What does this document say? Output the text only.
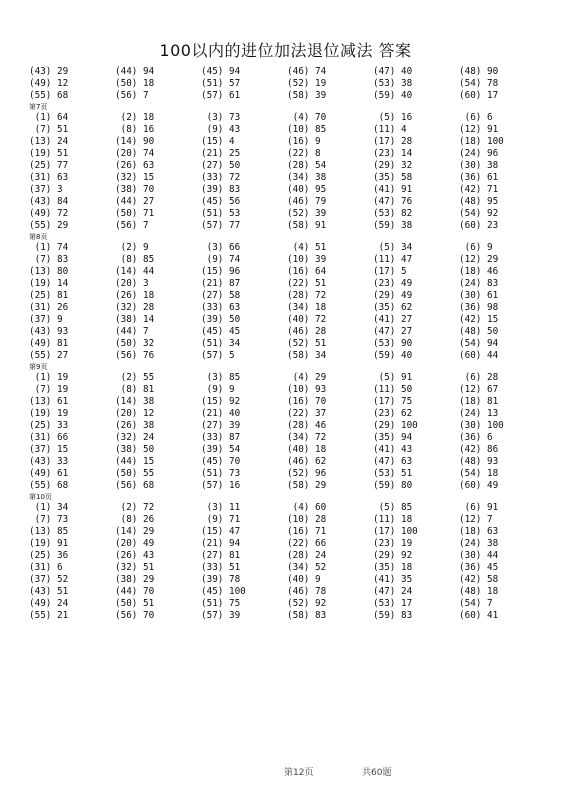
100以内的进位加法退位减法 答案
(43) 29	(44) 94	(45) 94	(46) 74	(47) 40	(48) 90
(49) 12	(50) 18	(51) 57	(52) 19	(53) 38	(54) 78
(55) 68	(56) 7	(57) 61	(58) 39	(59) 40	(60) 17
第7页
(1) 64	(2) 18	(3) 73	(4) 70	(5) 16	(6) 6
(7) 51	(8) 16	(9) 43	(10) 85	(11) 4	(12) 91
(13) 24	(14) 90	(15) 4	(16) 9	(17) 28	(18) 100
(19) 51	(20) 74	(21) 25	(22) 8	(23) 14	(24) 96
(25) 77	(26) 63	(27) 50	(28) 54	(29) 32	(30) 38
(31) 63	(32) 15	(33) 72	(34) 38	(35) 58	(36) 61
(37) 3	(38) 70	(39) 83	(40) 95	(41) 91	(42) 71
(43) 84	(44) 27	(45) 56	(46) 79	(47) 76	(48) 95
(49) 72	(50) 71	(51) 53	(52) 39	(53) 82	(54) 92
(55) 29	(56) 7	(57) 77	(58) 91	(59) 38	(60) 23
第8页
(1) 74	(2) 9	(3) 66	(4) 51	(5) 34	(6) 9
(7) 83	(8) 85	(9) 74	(10) 39	(11) 47	(12) 29
(13) 80	(14) 44	(15) 96	(16) 64	(17) 5	(18) 46
(19) 14	(20) 3	(21) 87	(22) 51	(23) 49	(24) 83
(25) 81	(26) 18	(27) 58	(28) 72	(29) 49	(30) 61
(31) 26	(32) 28	(33) 63	(34) 18	(35) 62	(36) 98
(37) 9	(38) 14	(39) 50	(40) 72	(41) 27	(42) 15
(43) 93	(44) 7	(45) 45	(46) 28	(47) 27	(48) 50
(49) 81	(50) 32	(51) 34	(52) 51	(53) 90	(54) 94
(55) 27	(56) 76	(57) 5	(58) 34	(59) 40	(60) 44
第9页
(1) 19	(2) 55	(3) 85	(4) 29	(5) 91	(6) 28
(7) 19	(8) 81	(9) 9	(10) 93	(11) 50	(12) 67
(13) 61	(14) 38	(15) 92	(16) 70	(17) 75	(18) 81
(19) 19	(20) 12	(21) 40	(22) 37	(23) 62	(24) 13
(25) 33	(26) 38	(27) 39	(28) 46	(29) 100	(30) 100
(31) 66	(32) 24	(33) 87	(34) 72	(35) 94	(36) 6
(37) 15	(38) 50	(39) 54	(40) 18	(41) 43	(42) 86
(43) 33	(44) 15	(45) 70	(46) 62	(47) 63	(48) 93
(49) 61	(50) 55	(51) 73	(52) 96	(53) 51	(54) 18
(55) 68	(56) 68	(57) 16	(58) 29	(59) 80	(60) 49
第10页
(1) 34	(2) 72	(3) 11	(4) 60	(5) 85	(6) 91
(7) 73	(8) 26	(9) 71	(10) 28	(11) 18	(12) 7
(13) 85	(14) 29	(15) 47	(16) 71	(17) 100	(18) 63
(19) 91	(20) 49	(21) 94	(22) 66	(23) 19	(24) 38
(25) 36	(26) 43	(27) 81	(28) 24	(29) 92	(30) 44
(31) 6	(32) 51	(33) 51	(34) 52	(35) 18	(36) 45
(37) 52	(38) 29	(39) 78	(40) 9	(41) 35	(42) 58
(43) 51	(44) 70	(45) 100	(46) 78	(47) 24	(48) 18
(49) 24	(50) 51	(51) 75	(52) 92	(53) 17	(54) 7
(55) 21	(56) 70	(57) 39	(58) 83	(59) 83	(60) 41
第12页	共60题
